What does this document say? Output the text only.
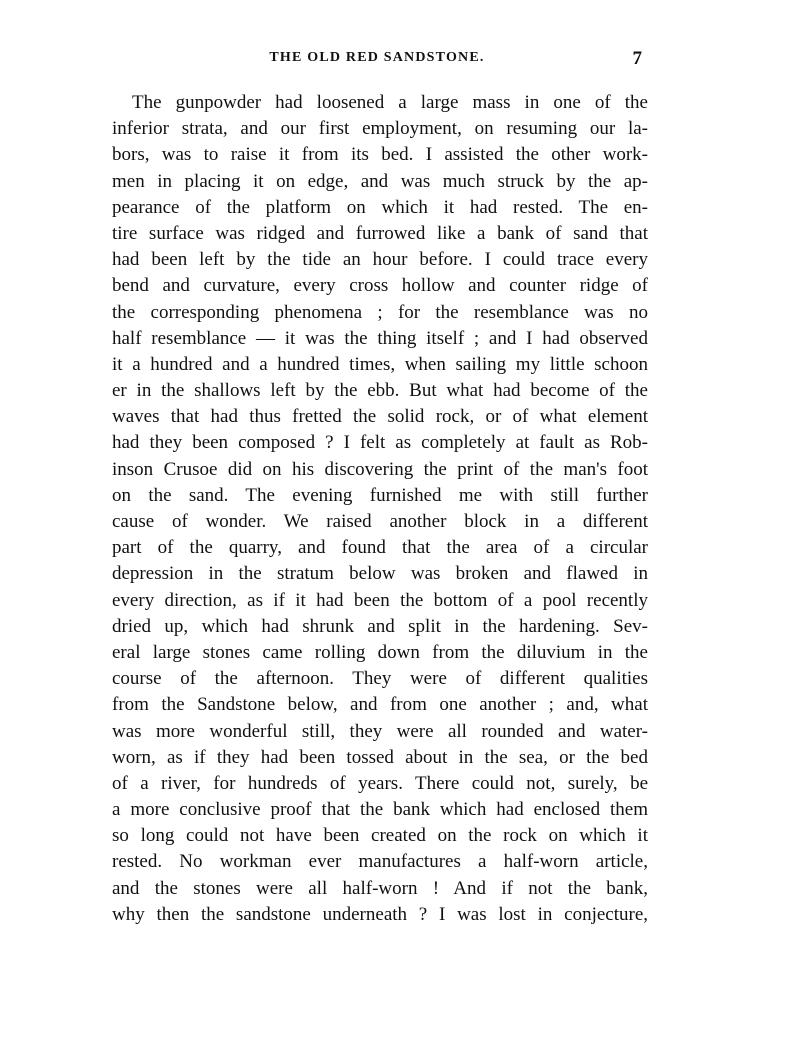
THE OLD RED SANDSTONE.	7
The gunpowder had loosened a large mass in one of the
inferior strata, and our first employment, on resuming our la-
bors, was to raise it from its bed. I assisted the other work-
men in placing it on edge, and was much struck by the ap-
pearance of the platform on which it had rested. The en-
tire surface was ridged and furrowed like a bank of sand that
had been left by the tide an hour before. I could trace every
bend and curvature, every cross hollow and counter ridge of
the corresponding phenomena ; for the resemblance was no
half resemblance — it was the thing itself ; and I had observed
it a hundred and a hundred times, when sailing my little schoon
er in the shallows left by the ebb. But what had become of the
waves that had thus fretted the solid rock, or of what element
had they been composed ? I felt as completely at fault as Rob-
inson Crusoe did on his discovering the print of the man's foot
on the sand. The evening furnished me with still further
cause of wonder. We raised another block in a different
part of the quarry, and found that the area of a circular
depression in the stratum below was broken and flawed in
every direction, as if it had been the bottom of a pool recently
dried up, which had shrunk and split in the hardening. Sev-
eral large stones came rolling down from the diluvium in the
course of the afternoon. They were of different qualities
from the Sandstone below, and from one another ; and, what
was more wonderful still, they were all rounded and water-
worn, as if they had been tossed about in the sea, or the bed
of a river, for hundreds of years. There could not, surely, be
a more conclusive proof that the bank which had enclosed them
so long could not have been created on the rock on which it
rested. No workman ever manufactures a half-worn article,
and the stones were all half-worn ! And if not the bank,
why then the sandstone underneath ? I was lost in conjecture,
